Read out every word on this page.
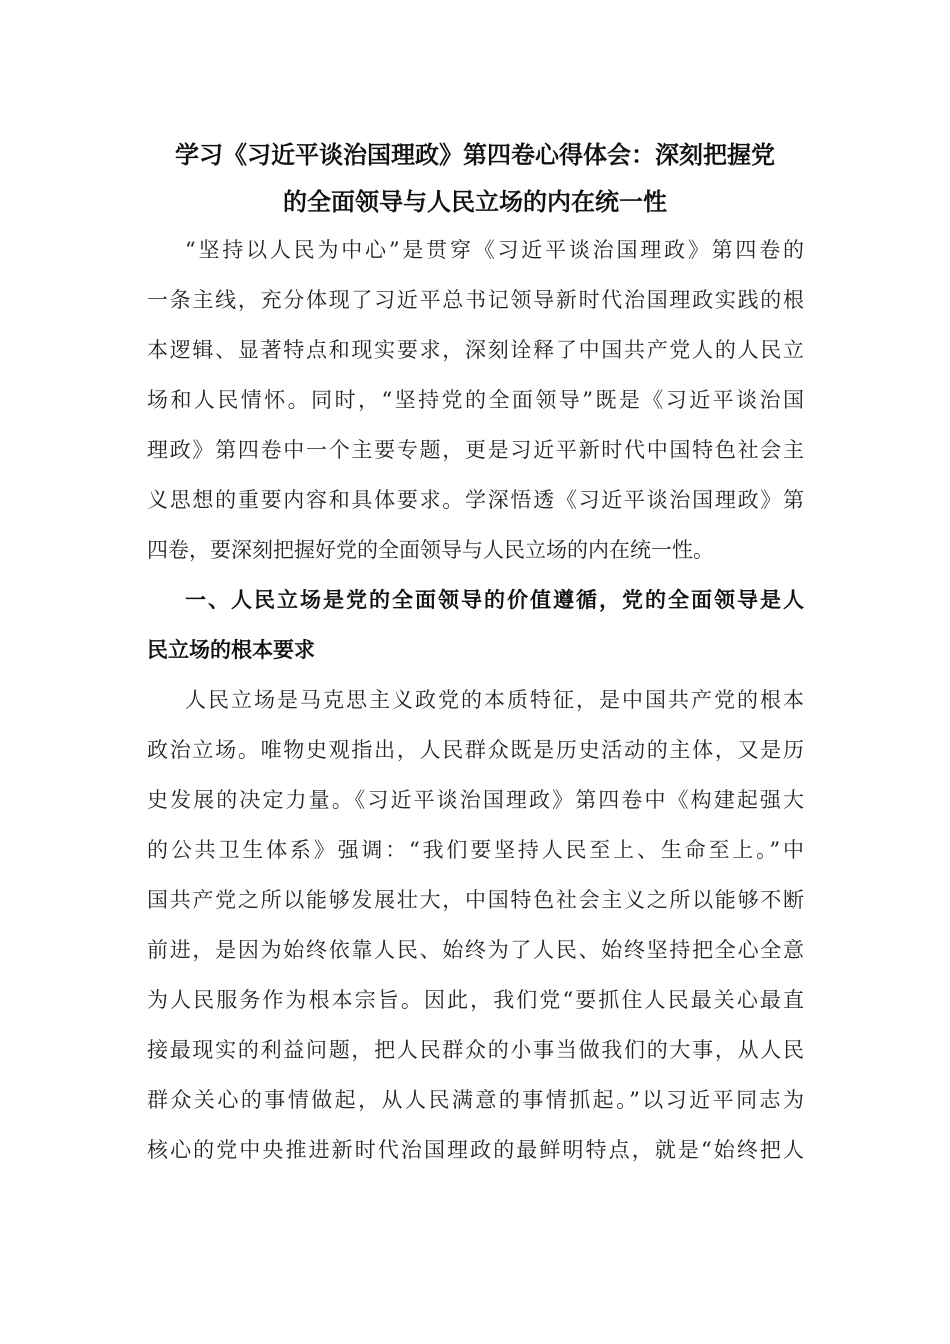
学习《习近平谈治国理政》第四卷心得体会：深刻把握党
的全面领导与人民立场的内在统一性
“坚持以人民为中心”是贯穿《习近平谈治国理政》第四卷的
一条主线，充分体现了习近平总书记领导新时代治国理政实践的根
本逻辑、显著特点和现实要求，深刻诠释了中国共产党人的人民立
场和人民情怀。同时，“坚持党的全面领导”既是《习近平谈治国
理政》第四卷中一个主要专题，更是习近平新时代中国特色社会主
义思想的重要内容和具体要求。学深悟透《习近平谈治国理政》第
四卷，要深刻把握好党的全面领导与人民立场的内在统一性。
一、人民立场是党的全面领导的价值遵循，党的全面领导是人
民立场的根本要求
人民立场是马克思主义政党的本质特征，是中国共产党的根本
政治立场。唯物史观指出，人民群众既是历史活动的主体，又是历
史发展的决定力量。《习近平谈治国理政》第四卷中《构建起强大
的公共卫生体系》强调：“我们要坚持人民至上、生命至上。”中
国共产党之所以能够发展壮大，中国特色社会主义之所以能够不断
前进，是因为始终依靠人民、始终为了人民、始终坚持把全心全意
为人民服务作为根本宗旨。因此，我们党“要抓住人民最关心最直
接最现实的利益问题，把人民群众的小事当做我们的大事，从人民
群众关心的事情做起，从人民满意的事情抓起。”以习近平同志为
核心的党中央推进新时代治国理政的最鲜明特点，就是“始终把人
